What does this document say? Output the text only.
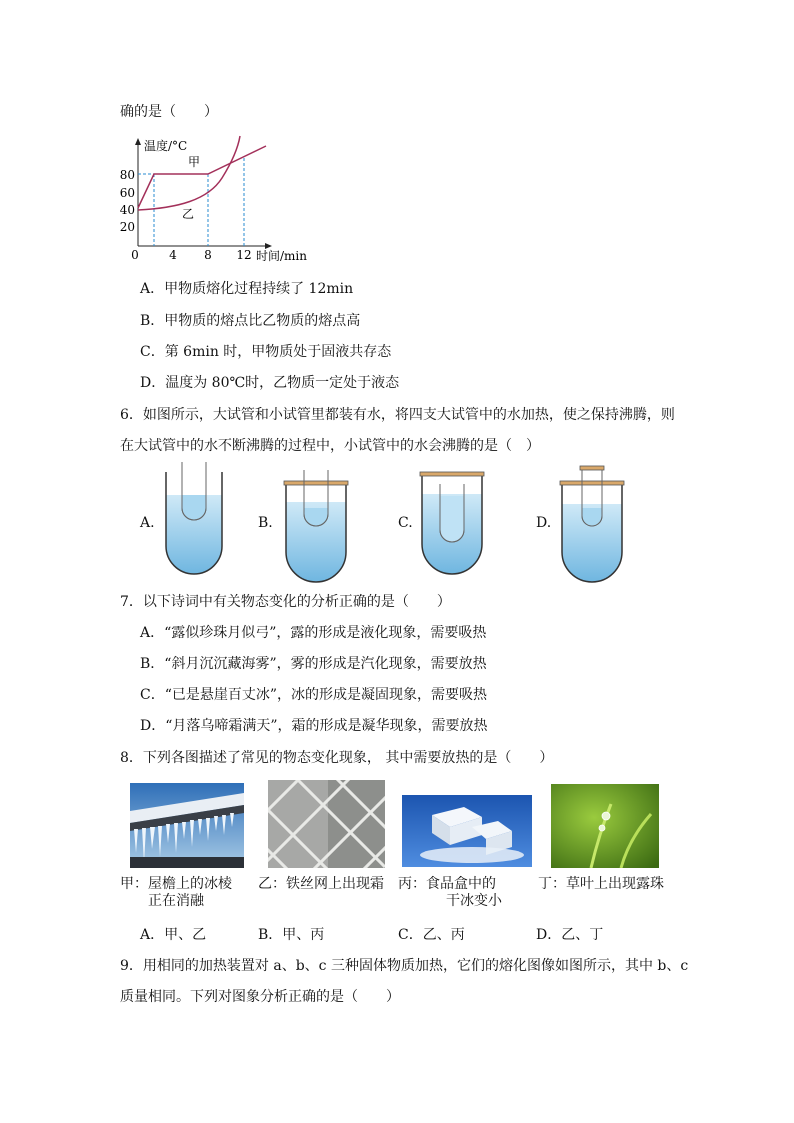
确的是（　　）
温度/°C
时间/min
80
60
40
20
0	4 8 12
甲
乙
A．甲物质熔化过程持续了 12min
B．甲物质的熔点比乙物质的熔点高
C．第 6min 时，甲物质处于固液共存态
D．温度为 80℃时，乙物质一定处于液态
6．如图所示，大试管和小试管里都装有水，将四支大试管中的水加热，使之保持沸腾，则
在大试管中的水不断沸腾的过程中，小试管中的水会沸腾的是（　）
A.	B.	C.	D.
7．以下诗词中有关物态变化的分析正确的是（　　）
A．“露似珍珠月似弓”，露的形成是液化现象，需要吸热
B．“斜月沉沉藏海雾”，雾的形成是汽化现象，需要放热
C．“已是悬崖百丈冰”，冰的形成是凝固现象，需要吸热
D．“月落乌啼霜满天”，霜的形成是凝华现象，需要放热
8．下列各图描述了常见的物态变化现象， 其中需要放热的是（　　）
甲：屋檐上的冰棱
正在消融
乙：铁丝网上出现霜 丙：食品盒中的
干冰变小
丁：草叶上出现露珠
A．甲、乙	B．甲、丙	C．乙、丙	D．乙、丁
9．用相同的加热装置对 a、b、c 三种固体物质加热，它们的熔化图像如图所示，其中 b、c
质量相同。下列对图象分析正确的是（　　）
